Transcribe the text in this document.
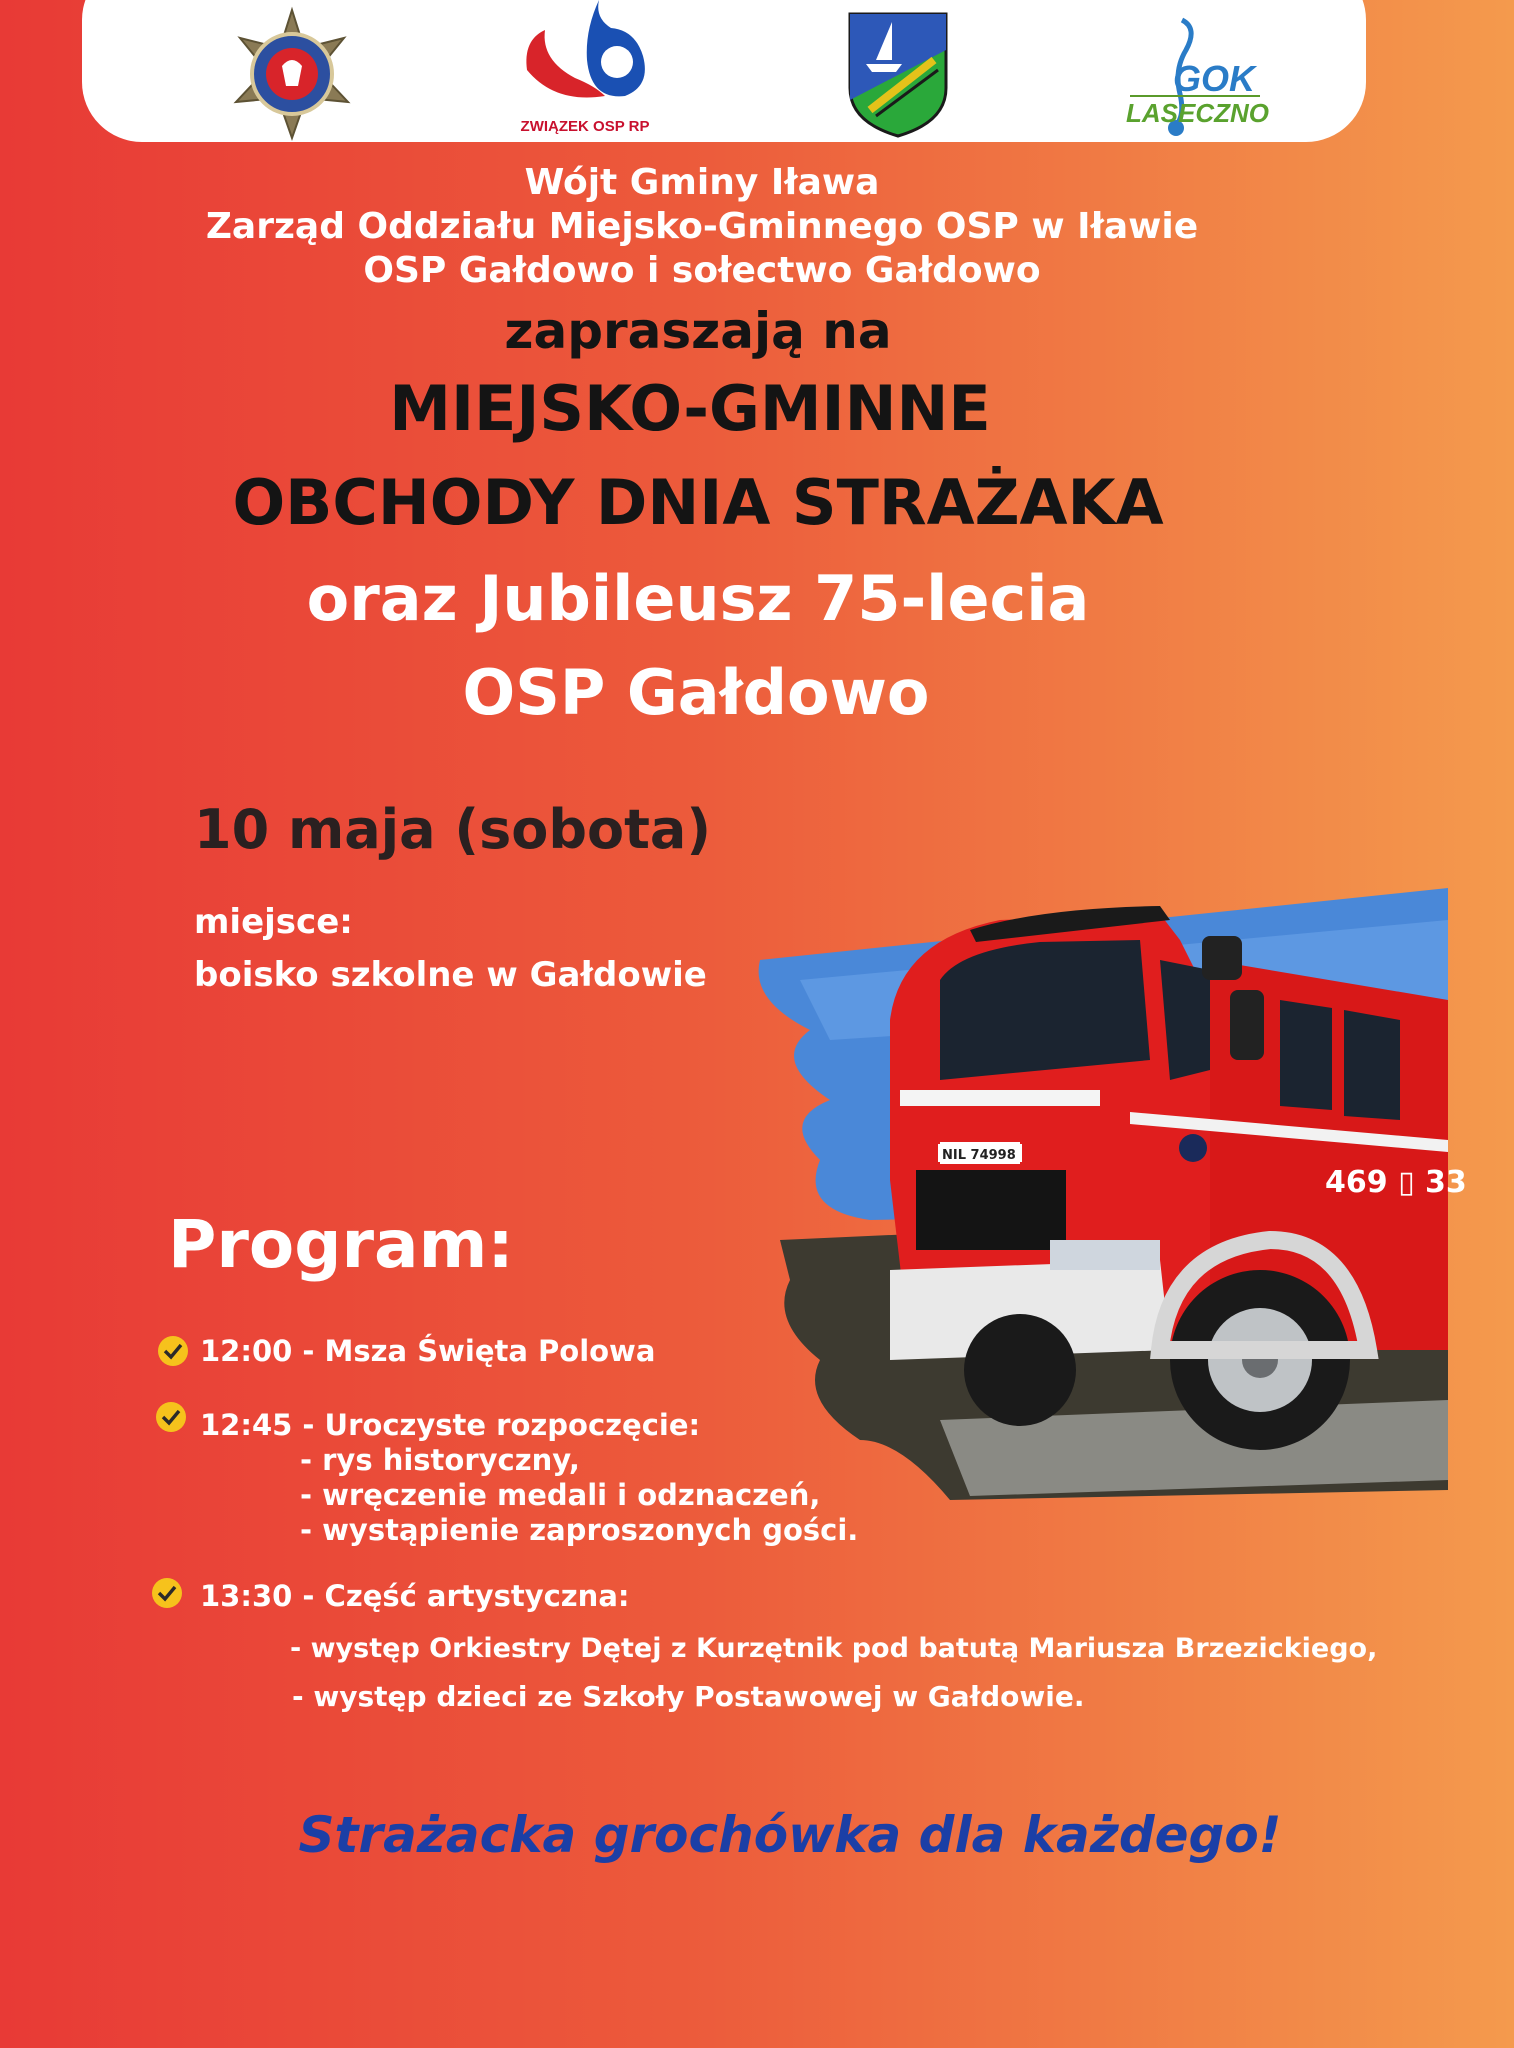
ZWIĄZEK OSP RP
GOK
LASECZNO
Wójt Gminy Iława
Zarząd Oddziału Miejsko-Gminnego OSP w Iławie
OSP Gałdowo i sołectwo Gałdowo
zapraszają na
MIEJSKO-GMINNE
OBCHODY DNIA STRAŻAKA
oraz Jubileusz 75-lecia
OSP Gałdowo
10 maja (sobota)
miejsce:
boisko szkolne w Gałdowie
469 ▯ 33
NIL 74998
Program:
12:00 - Msza Święta Polowa
12:45 - Uroczyste rozpoczęcie:
- rys historyczny,
- wręczenie medali i odznaczeń,
- wystąpienie zaproszonych gości.
13:30 - Część artystyczna:
- występ Orkiestry Dętej z Kurzętnik pod batutą Mariusza Brzezickiego,
- występ dzieci ze Szkoły Postawowej w Gałdowie.
Strażacka grochówka dla każdego!
